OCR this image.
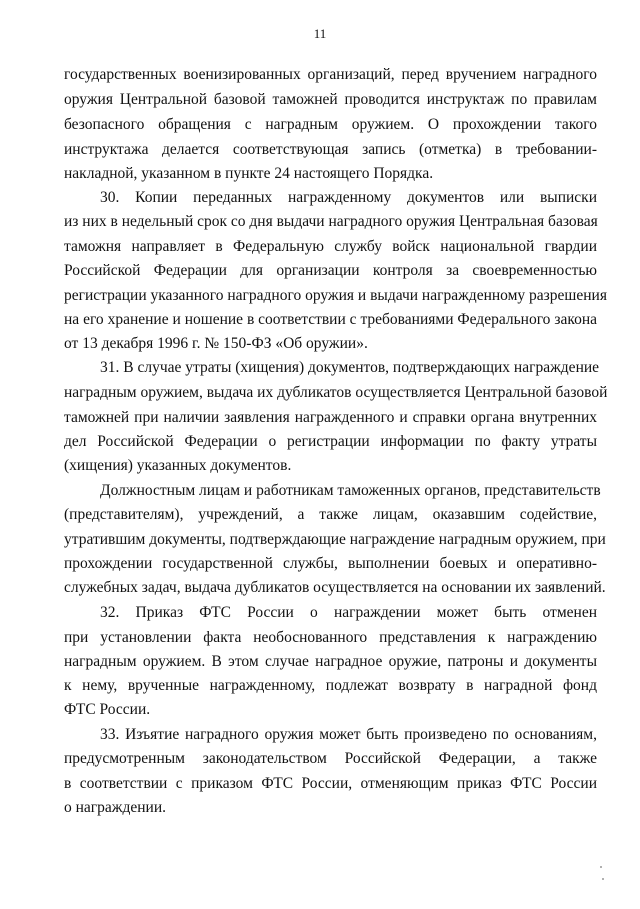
11
государственных военизированных организаций, перед вручением наградного
оружия Центральной базовой таможней проводится инструктаж по правилам
безопасного обращения с наградным оружием. О прохождении такого
инструктажа делается соответствующая запись (отметка) в требовании-
накладной, указанном в пункте 24 настоящего Порядка.
30. Копии переданных награжденному документов или выписки
из них в недельный срок со дня выдачи наградного оружия Центральная базовая
таможня направляет в Федеральную службу войск национальной гвардии
Российской Федерации для организации контроля за своевременностью
регистрации указанного наградного оружия и выдачи награжденному разрешения
на его хранение и ношение в соответствии с требованиями Федерального закона
от 13 декабря 1996 г. № 150-ФЗ «Об оружии».
31. В случае утраты (хищения) документов, подтверждающих награждение
наградным оружием, выдача их дубликатов осуществляется Центральной базовой
таможней при наличии заявления награжденного и справки органа внутренних
дел Российской Федерации о регистрации информации по факту утраты
(хищения) указанных документов.
Должностным лицам и работникам таможенных органов, представительств
(представителям), учреждений, а также лицам, оказавшим содействие,
утратившим документы, подтверждающие награждение наградным оружием, при
прохождении государственной службы, выполнении боевых и оперативно-
служебных задач, выдача дубликатов осуществляется на основании их заявлений.
32. Приказ ФТС России о награждении может быть отменен
при установлении факта необоснованного представления к награждению
наградным оружием. В этом случае наградное оружие, патроны и документы
к нему, врученные награжденному, подлежат возврату в наградной фонд
ФТС России.
33. Изъятие наградного оружия может быть произведено по основаниям,
предусмотренным законодательством Российской Федерации, а также
в соответствии с приказом ФТС России, отменяющим приказ ФТС России
о награждении.
